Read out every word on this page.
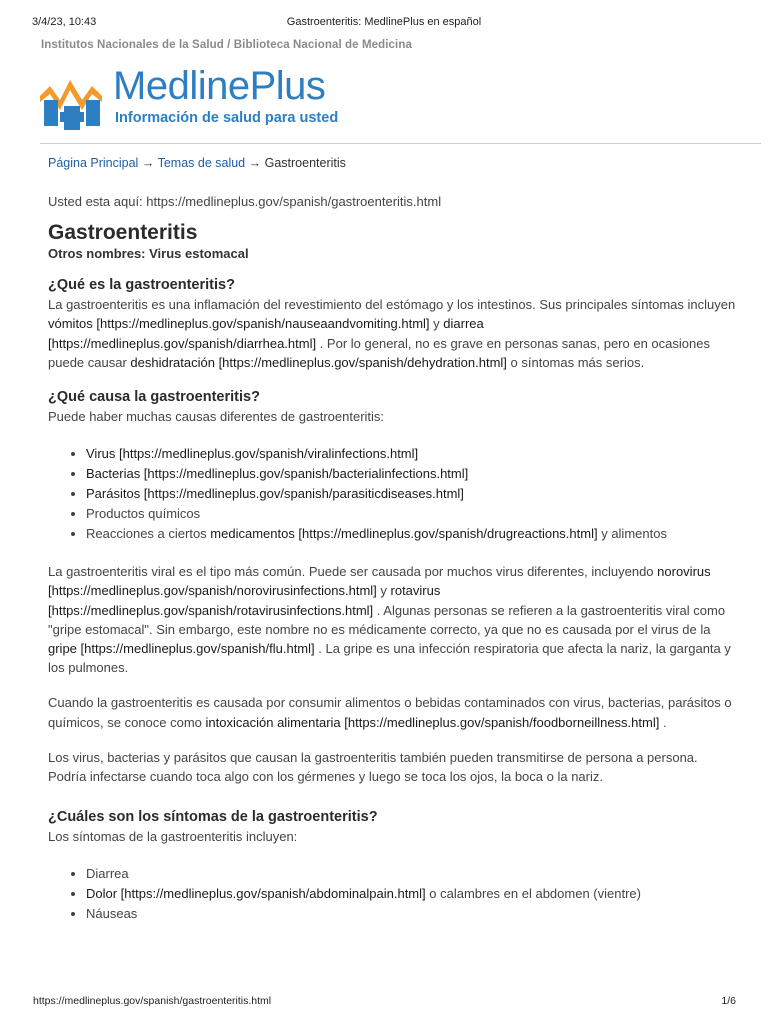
3/4/23, 10:43	Gastroenteritis: MedlinePlus en español
Institutos Nacionales de la Salud / Biblioteca Nacional de Medicina
MedlinePlus
Información de salud para usted
Página Principal → Temas de salud → Gastroenteritis

Usted esta aquí: https://medlineplus.gov/spanish/gastroenteritis.html

Gastroenteritis

Otros nombres: Virus estomacal

¿Qué es la gastroenteritis?

La gastroenteritis es una inflamación del revestimiento del estómago y los intestinos. Sus principales síntomas incluyen vómitos [https://medlineplus.gov/spanish/nauseaandvomiting.html] y diarrea [https://medlineplus.gov/spanish/diarrhea.html] . Por lo general, no es grave en personas sanas, pero en ocasiones puede causar deshidratación [https://medlineplus.gov/spanish/dehydration.html] o síntomas más serios.

¿Qué causa la gastroenteritis?

Puede haber muchas causas diferentes de gastroenteritis:

• Virus [https://medlineplus.gov/spanish/viralinfections.html]
• Bacterias [https://medlineplus.gov/spanish/bacterialinfections.html]
• Parásitos [https://medlineplus.gov/spanish/parasiticdiseases.html]
• Productos químicos
• Reacciones a ciertos medicamentos [https://medlineplus.gov/spanish/drugreactions.html] y alimentos

La gastroenteritis viral es el tipo más común. Puede ser causada por muchos virus diferentes, incluyendo norovirus [https://medlineplus.gov/spanish/norovirusinfections.html] y rotavirus [https://medlineplus.gov/spanish/rotavirusinfections.html] . Algunas personas se refieren a la gastroenteritis viral como "gripe estomacal". Sin embargo, este nombre no es médicamente correcto, ya que no es causada por el virus de la gripe [https://medlineplus.gov/spanish/flu.html] . La gripe es una infección respiratoria que afecta la nariz, la garganta y los pulmones.

Cuando la gastroenteritis es causada por consumir alimentos o bebidas contaminados con virus, bacterias, parásitos o químicos, se conoce como intoxicación alimentaria [https://medlineplus.gov/spanish/foodborneillness.html] .

Los virus, bacterias y parásitos que causan la gastroenteritis también pueden transmitirse de persona a persona. Podría infectarse cuando toca algo con los gérmenes y luego se toca los ojos, la boca o la nariz.

¿Cuáles son los síntomas de la gastroenteritis?

Los síntomas de la gastroenteritis incluyen:

• Diarrea
• Dolor [https://medlineplus.gov/spanish/abdominalpain.html] o calambres en el abdomen (vientre)
• Náuseas
https://medlineplus.gov/spanish/gastroenteritis.html	1/6
